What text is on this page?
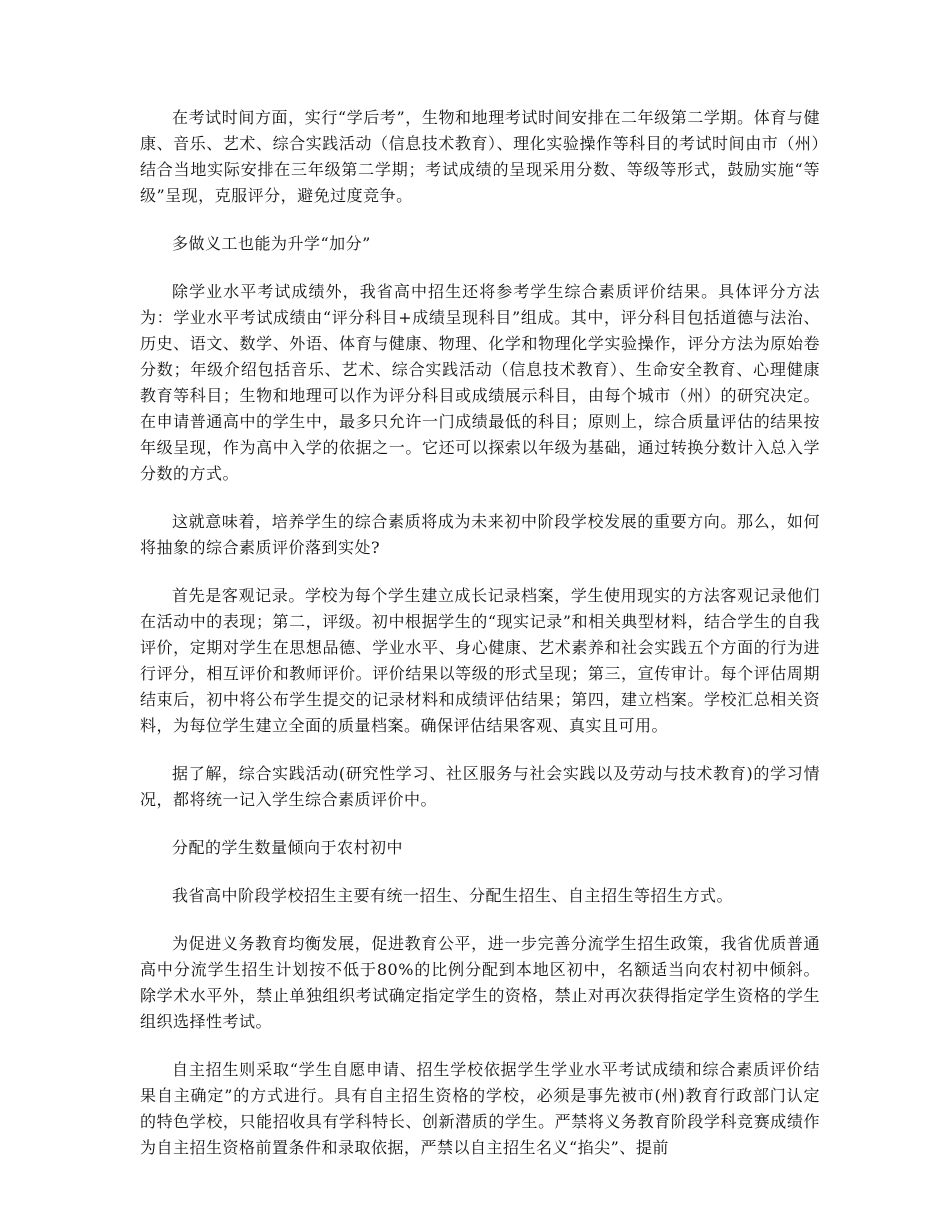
在考试时间方面，实行“学后考”，生物和地理考试时间安排在二年级第二学期。体育与健康、音乐、艺术、综合实践活动（信息技术教育）、理化实验操作等科目的考试时间由市（州）结合当地实际安排在三年级第二学期；考试成绩的呈现采用分数、等级等形式，鼓励实施“等级”呈现，克服评分，避免过度竞争。

多做义工也能为升学“加分”

除学业水平考试成绩外，我省高中招生还将参考学生综合素质评价结果。具体评分方法为：学业水平考试成绩由“评分科目+成绩呈现科目”组成。其中，评分科目包括道德与法治、历史、语文、数学、外语、体育与健康、物理、化学和物理化学实验操作，评分方法为原始卷分数；年级介绍包括音乐、艺术、综合实践活动（信息技术教育）、生命安全教育、心理健康教育等科目；生物和地理可以作为评分科目或成绩展示科目，由每个城市（州）的研究决定。在申请普通高中的学生中，最多只允许一门成绩最低的科目；原则上，综合质量评估的结果按年级呈现，作为高中入学的依据之一。它还可以探索以年级为基础，通过转换分数计入总入学分数的方式。

这就意味着，培养学生的综合素质将成为未来初中阶段学校发展的重要方向。那么，如何将抽象的综合素质评价落到实处?

首先是客观记录。学校为每个学生建立成长记录档案，学生使用现实的方法客观记录他们在活动中的表现；第二，评级。初中根据学生的“现实记录”和相关典型材料，结合学生的自我评价，定期对学生在思想品德、学业水平、身心健康、艺术素养和社会实践五个方面的行为进行评分，相互评价和教师评价。评价结果以等级的形式呈现；第三，宣传审计。每个评估周期结束后，初中将公布学生提交的记录材料和成绩评估结果；第四，建立档案。学校汇总相关资料，为每位学生建立全面的质量档案。确保评估结果客观、真实且可用。

据了解，综合实践活动(研究性学习、社区服务与社会实践以及劳动与技术教育)的学习情况，都将统一记入学生综合素质评价中。

分配的学生数量倾向于农村初中

我省高中阶段学校招生主要有统一招生、分配生招生、自主招生等招生方式。

为促进义务教育均衡发展，促进教育公平，进一步完善分流学生招生政策，我省优质普通高中分流学生招生计划按不低于80%的比例分配到本地区初中，名额适当向农村初中倾斜。除学术水平外，禁止单独组织考试确定指定学生的资格，禁止对再次获得指定学生资格的学生组织选择性考试。

自主招生则采取“学生自愿申请、招生学校依据学生学业水平考试成绩和综合素质评价结果自主确定”的方式进行。具有自主招生资格的学校，必须是事先被市(州)教育行政部门认定的特色学校，只能招收具有学科特长、创新潜质的学生。严禁将义务教育阶段学科竞赛成绩作为自主招生资格前置条件和录取依据，严禁以自主招生名义“掐尖”、提前
